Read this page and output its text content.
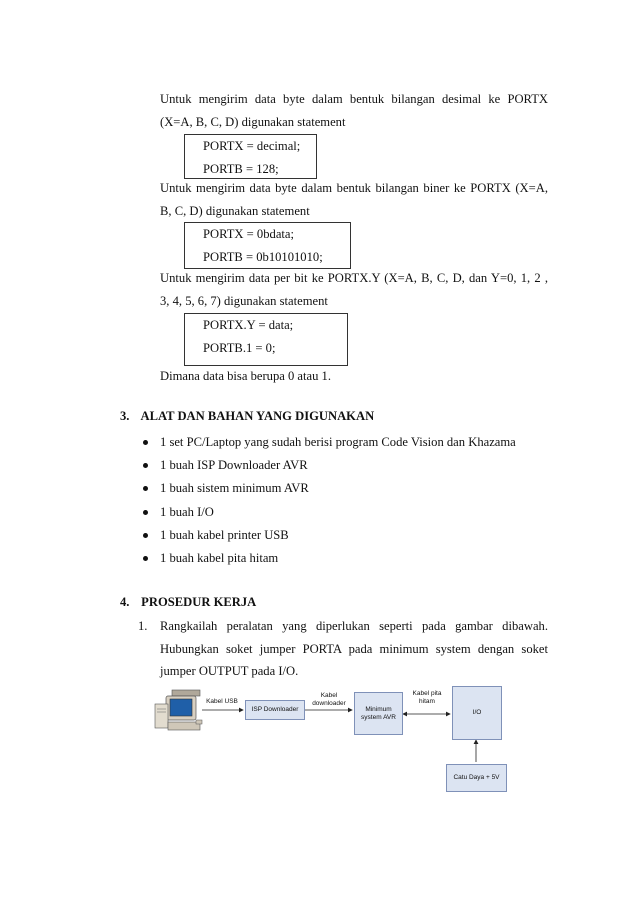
Untuk mengirim data byte dalam bentuk bilangan desimal ke PORTX
(X=A, B, C, D) digunakan statement
PORTX = decimal;
PORTB = 128;
Untuk mengirim data byte dalam bentuk bilangan biner ke PORTX (X=A,
B, C, D) digunakan statement
PORTX = 0bdata;
PORTB = 0b10101010;
Untuk mengirim data per bit ke PORTX.Y (X=A, B, C, D, dan Y=0, 1, 2 ,
3, 4, 5, 6, 7) digunakan statement
PORTX.Y = data;
PORTB.1 = 0;
Dimana data bisa berupa 0 atau 1.
3. ALAT DAN BAHAN YANG DIGUNAKAN
1 set PC/Laptop yang sudah berisi program Code Vision dan Khazama
1 buah ISP Downloader AVR
1 buah sistem minimum AVR
1 buah I/O
1 buah kabel printer USB
1 buah kabel pita hitam
4. PROSEDUR KERJA
1. Rangkailah peralatan yang diperlukan seperti pada gambar dibawah.
Hubungkan soket jumper PORTA pada minimum system dengan soket
jumper OUTPUT pada I/O.
Kabel USB
ISP Downloader
Kabel
downloader
Minimum
system AVR
Kabel pita
hitam
I/O
Catu Daya + 5V
